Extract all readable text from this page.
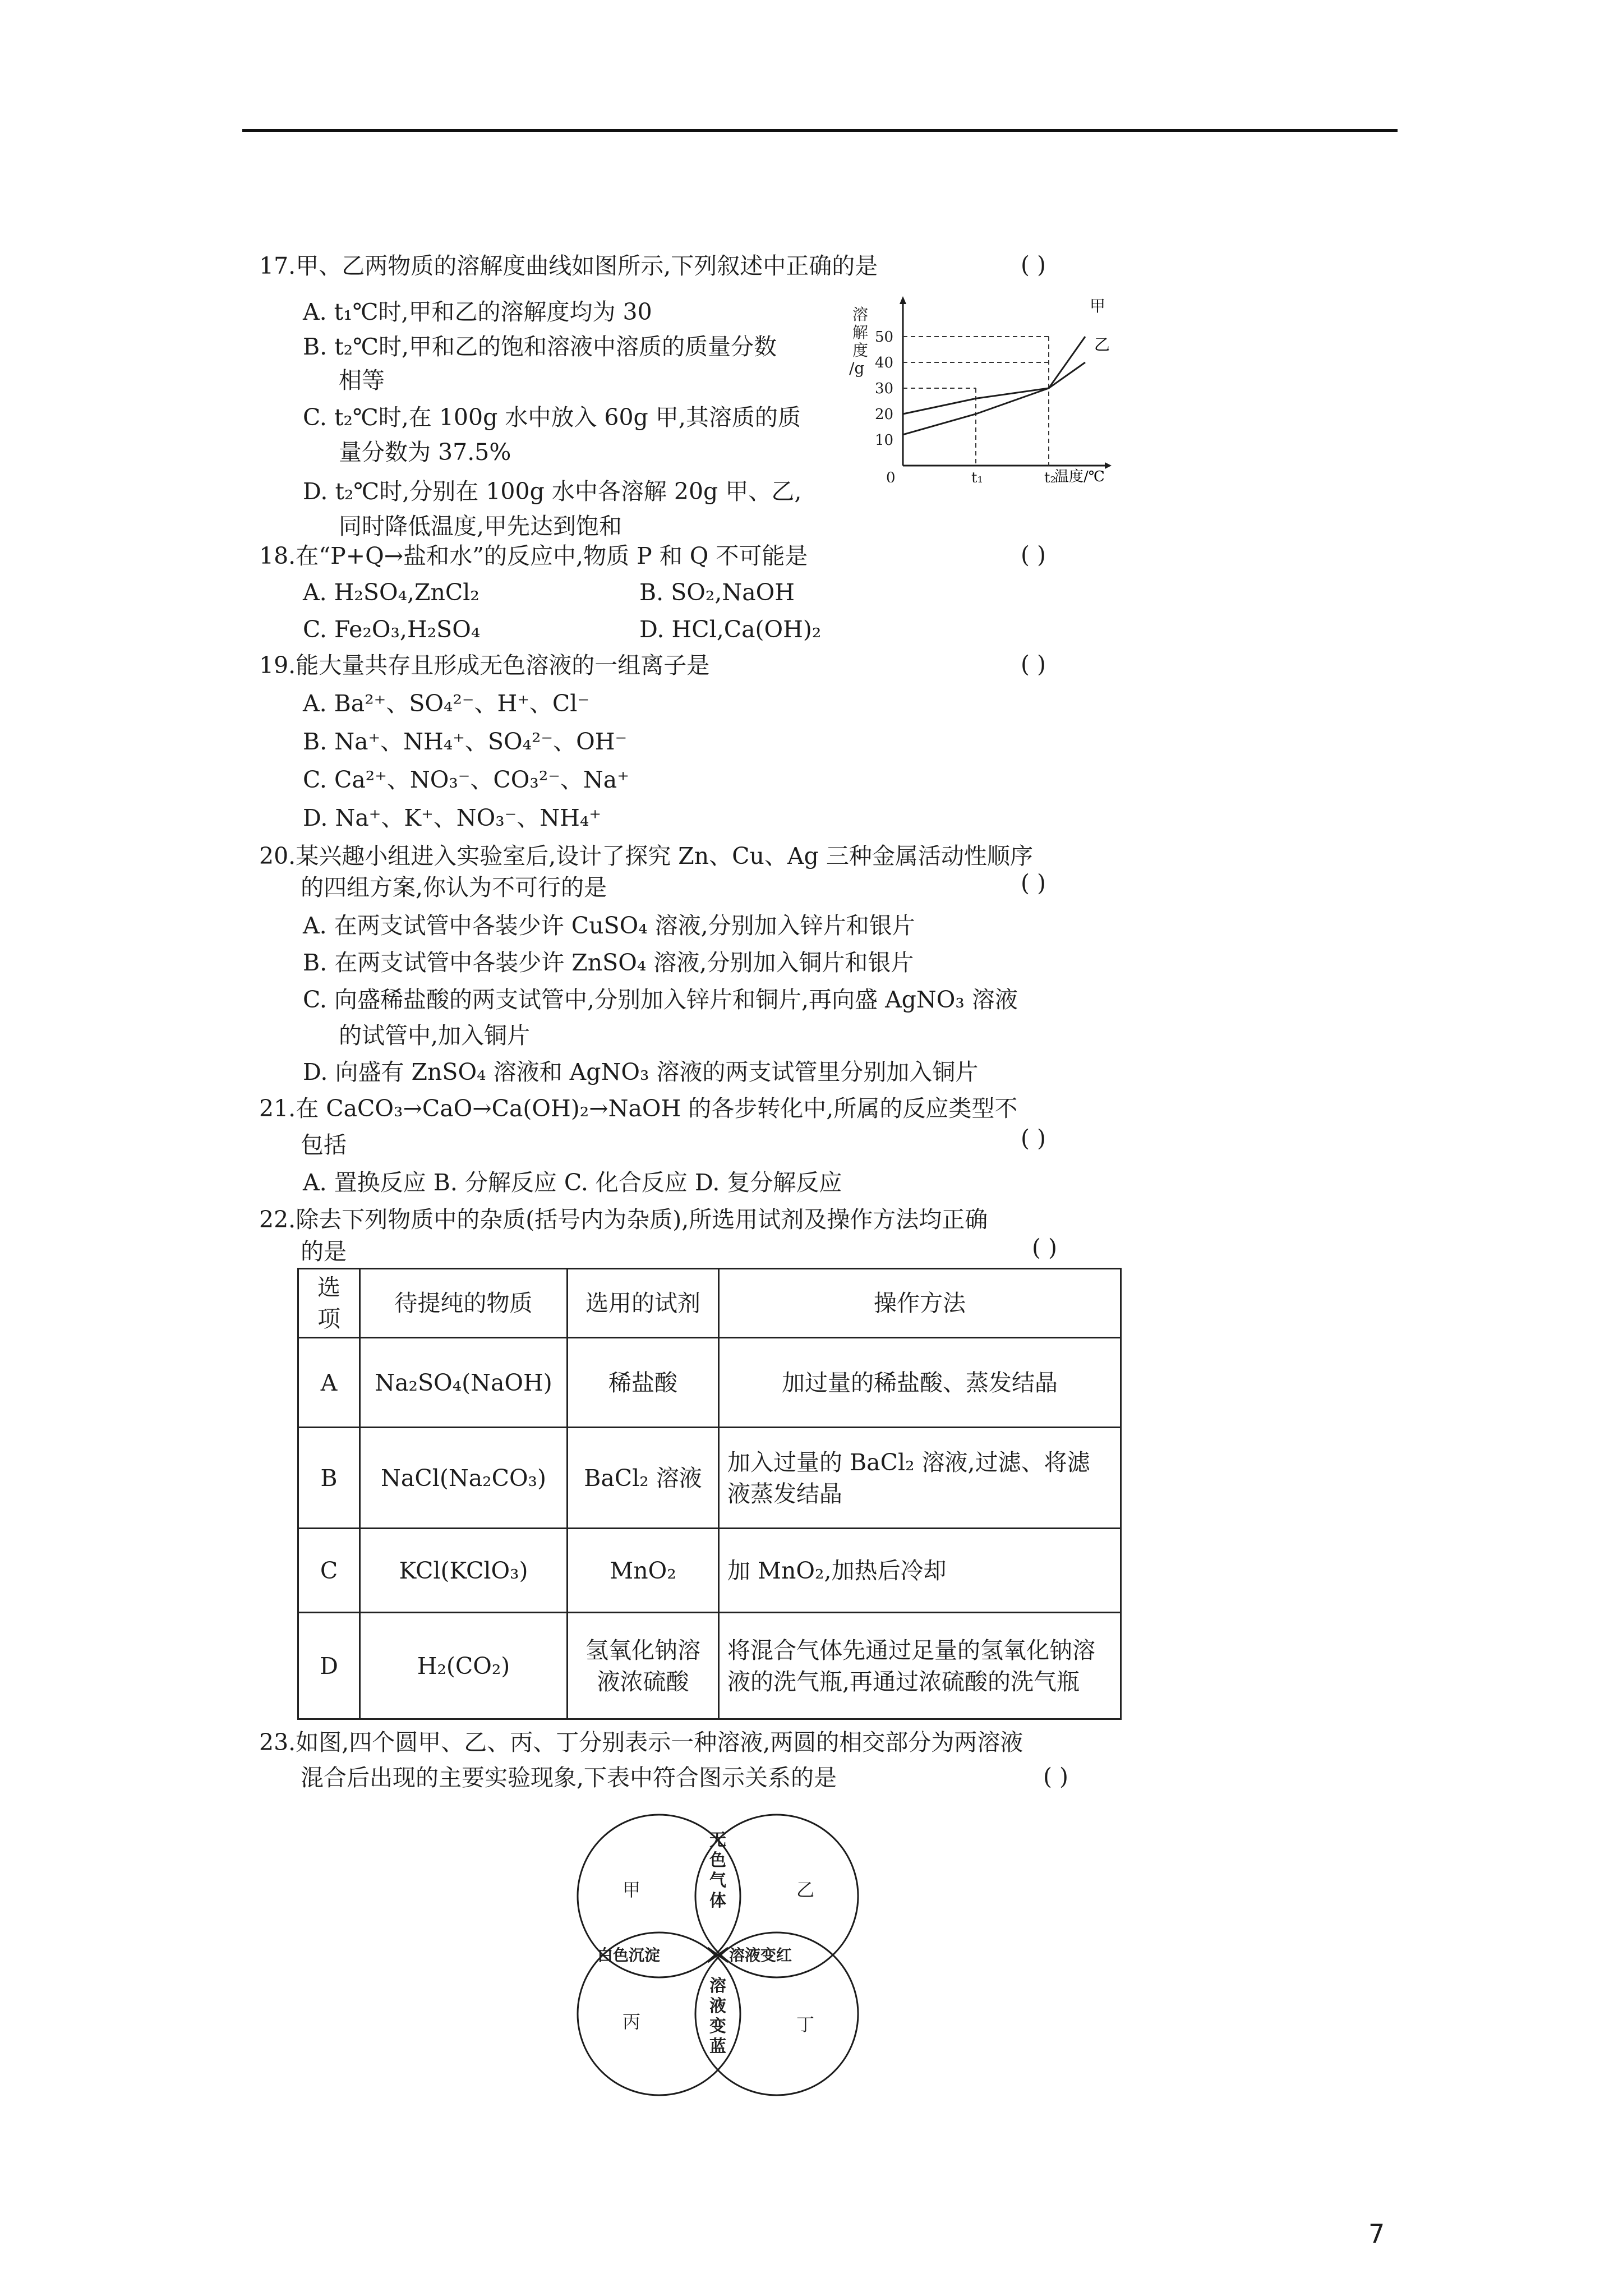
17.甲、乙两物质的溶解度曲线如图所示,下列叙述中正确的是	( )
A. t₁℃时,甲和乙的溶解度均为 30
B. t₂℃时,甲和乙的饱和溶液中溶质的质量分数
相等
C. t₂℃时,在 100g 水中放入 60g 甲,其溶质的质
量分数为 37.5%
D. t₂℃时,分别在 100g 水中各溶解 20g 甲、乙,
同时降低温度,甲先达到饱和
溶
解
度
/g
10
20
30
40
50
0	t₁	t₂
甲
乙
温度/℃
18.在“P+Q→盐和水”的反应中,物质 P 和 Q 不可能是	( )
A. H₂SO₄,ZnCl₂	B. SO₂,NaOH
C. Fe₂O₃,H₂SO₄	D. HCl,Ca(OH)₂
19.能大量共存且形成无色溶液的一组离子是	( )
A. Ba²⁺、SO₄²⁻、H⁺、Cl⁻
B. Na⁺、NH₄⁺、SO₄²⁻、OH⁻
C. Ca²⁺、NO₃⁻、CO₃²⁻、Na⁺
D. Na⁺、K⁺、NO₃⁻、NH₄⁺
20.某兴趣小组进入实验室后,设计了探究 Zn、Cu、Ag 三种金属活动性顺序
的四组方案,你认为不可行的是	( )
A. 在两支试管中各装少许 CuSO₄ 溶液,分别加入锌片和银片
B. 在两支试管中各装少许 ZnSO₄ 溶液,分别加入铜片和银片
C. 向盛稀盐酸的两支试管中,分别加入锌片和铜片,再向盛 AgNO₃ 溶液
的试管中,加入铜片
D. 向盛有 ZnSO₄ 溶液和 AgNO₃ 溶液的两支试管里分别加入铜片
21.在 CaCO₃→CaO→Ca(OH)₂→NaOH 的各步转化中,所属的反应类型不
包括	( )
A. 置换反应 B. 分解反应 C. 化合反应 D. 复分解反应
22.除去下列物质中的杂质(括号内为杂质),所选用试剂及操作方法均正确
的是	( )
选项	待提纯的物质	选用的试剂	操作方法
A	Na₂SO₄(NaOH)	稀盐酸	加过量的稀盐酸、蒸发结晶
B	NaCl(Na₂CO₃)	BaCl₂ 溶液	加入过量的 BaCl₂ 溶液,过滤、将滤液蒸发结晶
C	KCl(KClO₃)	MnO₂	加 MnO₂,加热后冷却
D	H₂(CO₂)	氢氧化钠溶液浓硫酸	将混合气体先通过足量的氢氧化钠溶液的洗气瓶,再通过浓硫酸的洗气瓶
23.如图,四个圆甲、乙、丙、丁分别表示一种溶液,两圆的相交部分为两溶液
混合后出现的主要实验现象,下表中符合图示关系的是	( )
甲	乙
丙	丁
无色气体
溶液变蓝
白色沉淀	溶液变红
7
